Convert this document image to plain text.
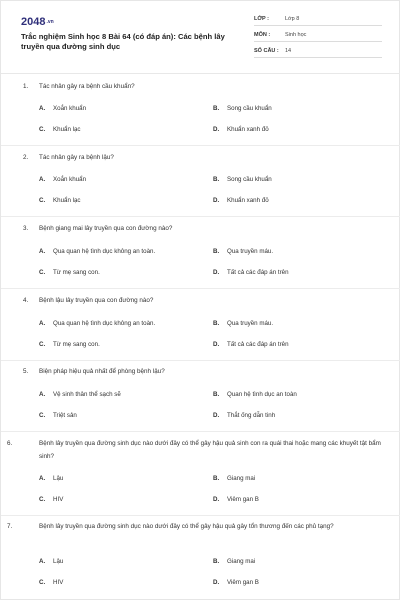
2048.vn
Trắc nghiệm Sinh học 8 Bài 64 (có đáp án): Các bệnh lây truyền qua đường sinh dục
LỚP :	Lớp 8
MÔN :	Sinh học
SỐ CÂU : 14
1. Tác nhân gây ra bệnh cầu khuẩn?
A. Xoắn khuẩn	B. Song cầu khuẩn
C. Khuẩn lạc	D. Khuẩn xanh đỏ
2. Tác nhân gây ra bệnh lậu?
A. Xoắn khuẩn	B. Song cầu khuẩn
C. Khuẩn lạc	D. Khuẩn xanh đỏ
3. Bệnh giang mai lây truyền qua con đường nào?
A. Qua quan hệ tình dục không an toàn.	B. Qua truyền máu.
C. Từ mẹ sang con.	D. Tất cả các đáp án trên
4. Bệnh lậu lây truyền qua con đường nào?
A. Qua quan hệ tình dục không an toàn.	B. Qua truyền máu.
C. Từ mẹ sang con.	D. Tất cả các đáp án trên
5. Biện pháp hiệu quả nhất để phòng bệnh lậu?
A. Vệ sinh thân thể sạch sẽ	B. Quan hệ tình dục an toàn
C. Triệt sản	D. Thắt ống dẫn tinh
6.	Bệnh lây truyền qua đường sinh dục nào dưới đây có thể gây hậu quả sinh con ra quái thai hoặc mang các khuyết tật bẩm sinh?
A. Lậu	B. Giang mai
C. HIV	D. Viêm gan B
7.	Bệnh lây truyền qua đường sinh dục nào dưới đây có thể gây hậu quả gây tổn thương đến các phủ tạng?
A. Lậu	B. Giang mai
C. HIV	D. Viêm gan B
